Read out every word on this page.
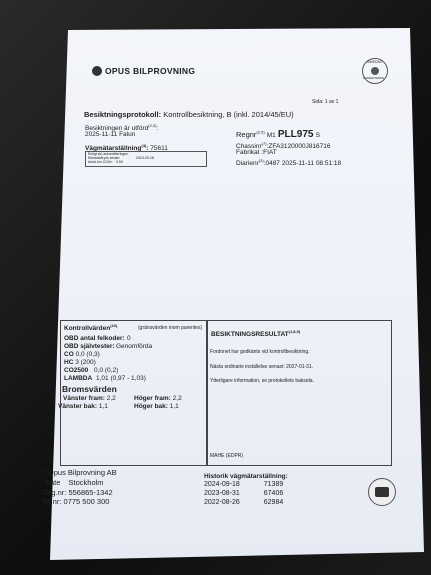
OPUS BILPROVNING
SWEDAC
ACKREDITERING
Sida: 1 av 1
Besiktningsprotokoll: Kontrollbesiktning, B (inkl. 2014/45/EU)
Besiktningen är utförd$^{(2,3)}$:
2025-11-11 Falun
Vägmätarställning$^{(4)}$: 75611
Enligt sk) ackreditteringen
Klimatavtryck sedan:	2024-09-18
Antal km CO2e: 0.59
Regnr$^{(2,5)}$ M1 PLL975 S
Chassinr$^{(7)}$:ZFA3120000J816716
Fabrikat :FIAT
Diarienr$^{(3)}$:0487 2025-11-11 08:51:18
Kontrollvärden$^{(10)}$	(gränsvärden inom parentes)
OBD antal felkoder: 0
OBD självtester: Genomförda
CO 0,0 (0,3)
HC 3 (200)
CO2500 0,0 (0,2)
LAMBDA 1,01 (0,97 - 1,03)
Bromsvärden
Vänster fram: 2,2	Höger fram: 2,2
Vänster bak: 1,1	Höger bak: 1,1
BESIKTNINGSRESULTAT$^{(1,8,9)}$
Fordonet har godkänts vid kontrollbesiktning.
Nästa ordinarie inställelse senast: 2027-01-31.
Ytterligare information, se protokollets baksida.
MAHE (EDPR)
$^{(8)}$Opus Bilprovning AB
Säte Stockholm
Org.nr: 556865-1342
Tel.nr: 0775 500 300
Historik vägmätarställning:
2024-09-18	71389
2023-08-31	67406
2022-08-26	62984
